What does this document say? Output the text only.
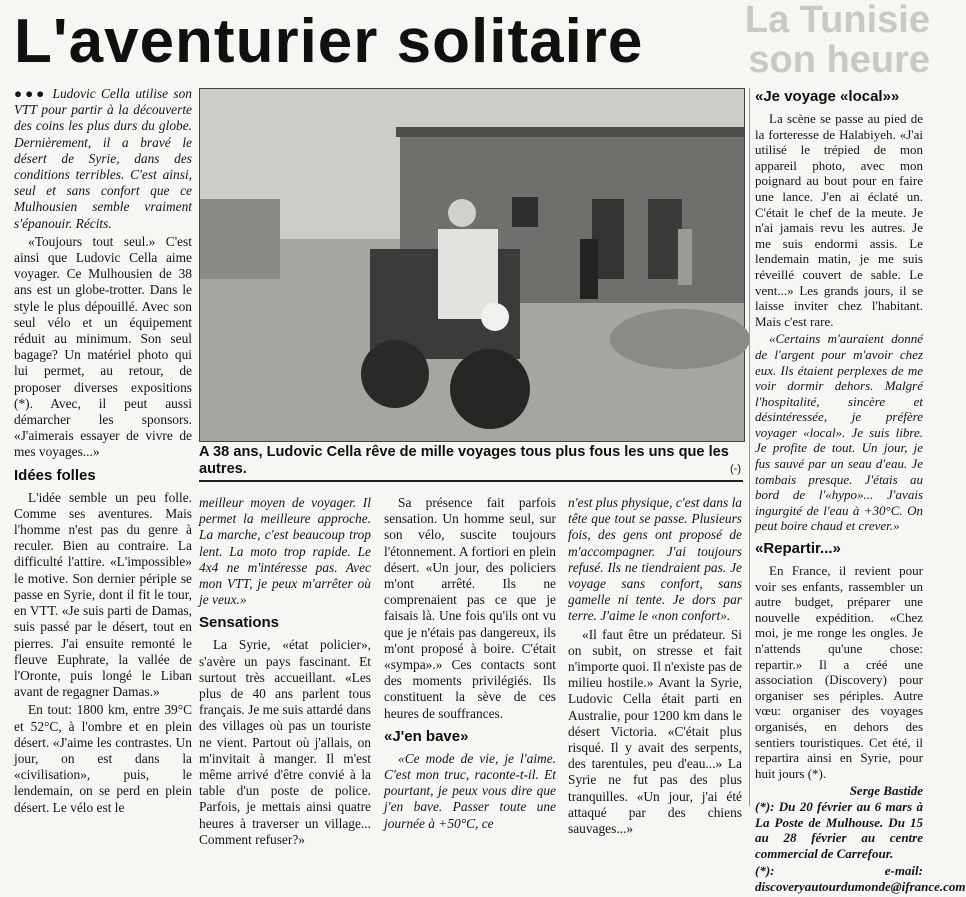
L'aventurier solitaire	La Tunisie
son heure

●●● Ludovic Cella utilise son VTT pour partir à la découverte des coins les plus durs du globe. Dernièrement, il a bravé le désert de Syrie, dans des conditions terribles. C'est ainsi, seul et sans confort que ce Mulhousien semble vraiment s'épanouir. Récits.

«Toujours tout seul.» C'est ainsi que Ludovic Cella aime voyager. Ce Mulhousien de 38 ans est un globe-trotter. Dans le style le plus dépouillé. Avec son seul vélo et un équipement réduit au minimum. Son seul bagage? Un matériel photo qui lui permet, au retour, de proposer diverses expositions (*). Avec, il peut aussi démarcher les sponsors. «J'aimerais essayer de vivre de mes voyages...»

Idées folles

L'idée semble un peu folle. Comme ses aventures. Mais l'homme n'est pas du genre à reculer. Bien au contraire. La difficulté l'attire. «L'impossible» le motive. Son dernier périple se passe en Syrie, dont il fit le tour, en VTT. «Je suis parti de Damas, suis passé par le désert, tout en pierres. J'ai ensuite remonté le fleuve Euphrate, la vallée de l'Oronte, puis longé le Liban avant de regagner Damas.»

En tout: 1800 km, entre 39°C et 52°C, à l'ombre et en plein désert. «J'aime les contrastes. Un jour, on est dans la «civilisation», puis, le lendemain, on se perd en plein désert. Le vélo est le

A 38 ans, Ludovic Cella rêve de mille voyages tous plus fous les uns que les autres.	(-)

meilleur moyen de voyager. Il permet la meilleure approche. La marche, c'est beaucoup trop lent. La moto trop rapide. Le 4x4 ne m'intéresse pas. Avec mon VTT, je peux m'arrêter où je veux.»

Sensations

La Syrie, «état policier», s'avère un pays fascinant. Et surtout très accueillant. «Les plus de 40 ans parlent tous français. Je me suis attardé dans des villages où pas un touriste ne vient. Partout où j'allais, on m'invitait à manger. Il m'est même arrivé d'être convié à la table d'un poste de police. Parfois, je mettais ainsi quatre heures à traverser un village... Comment refuser?»

Sa présence fait parfois sensation. Un homme seul, sur son vélo, suscite toujours l'étonnement. A fortiori en plein désert. «Un jour, des policiers m'ont arrêté. Ils ne comprenaient pas ce que je faisais là. Une fois qu'ils ont vu que je n'étais pas dangereux, ils m'ont proposé à boire. C'était «sympa».» Ces contacts sont des moments privilégiés. Ils constituent la sève de ces heures de souffrances.

«J'en bave»

«Ce mode de vie, je l'aime. C'est mon truc, raconte-t-il. Et pourtant, je peux vous dire que j'en bave. Passer toute une journée à +50°C, ce

n'est plus physique, c'est dans la tête que tout se passe. Plusieurs fois, des gens ont proposé de m'accompagner. J'ai toujours refusé. Ils ne tiendraient pas. Je voyage sans confort, sans gamelle ni tente. Je dors par terre. J'aime le «non confort».

«Il faut être un prédateur. Si on subit, on stresse et fait n'importe quoi. Il n'existe pas de milieu hostile.» Avant la Syrie, Ludovic Cella était parti en Australie, pour 1200 km dans le désert Victoria. «C'était plus risqué. Il y avait des serpents, des tarentules, peu d'eau...» La Syrie ne fut pas des plus tranquilles. «Un jour, j'ai été attaqué par des chiens sauvages...»

«Je voyage «local»»

La scène se passe au pied de la forteresse de Halabiyeh. «J'ai utilisé le trépied de mon appareil photo, avec mon poignard au bout pour en faire une lance. J'en ai éclaté un. C'était le chef de la meute. Je n'ai jamais revu les autres. Je me suis endormi assis. Le lendemain matin, je me suis réveillé couvert de sable. Le vent...» Les grands jours, il se laisse inviter chez l'habitant. Mais c'est rare.

«Certains m'auraient donné de l'argent pour m'avoir chez eux. Ils étaient perplexes de me voir dormir dehors. Malgré l'hospitalité, sincère et désintéressée, je préfère voyager «local». Je suis libre. Je profite de tout. Un jour, je fus sauvé par un seau d'eau. Je tombais presque. J'étais au bord de l'«hypo»... J'avais ingurgité de l'eau à +30°C. On peut boire chaud et crever.»

«Repartir...»

En France, il revient pour voir ses enfants, rassembler un autre budget, préparer une nouvelle expédition. «Chez moi, je me ronge les ongles. Je n'attends qu'une chose: repartir.» Il a créé une association (Discovery) pour organiser ses périples. Autre vœu: organiser des voyages organisés, en dehors des sentiers touristiques. Cet été, il repartira ainsi en Syrie, pour huit jours (*).

Serge Bastide

(*): Du 20 février au 6 mars à La Poste de Mulhouse. Du 15 au 28 février au centre commercial de Carrefour.

(*): e-mail: discoveryautourdumonde@ifrance.com
